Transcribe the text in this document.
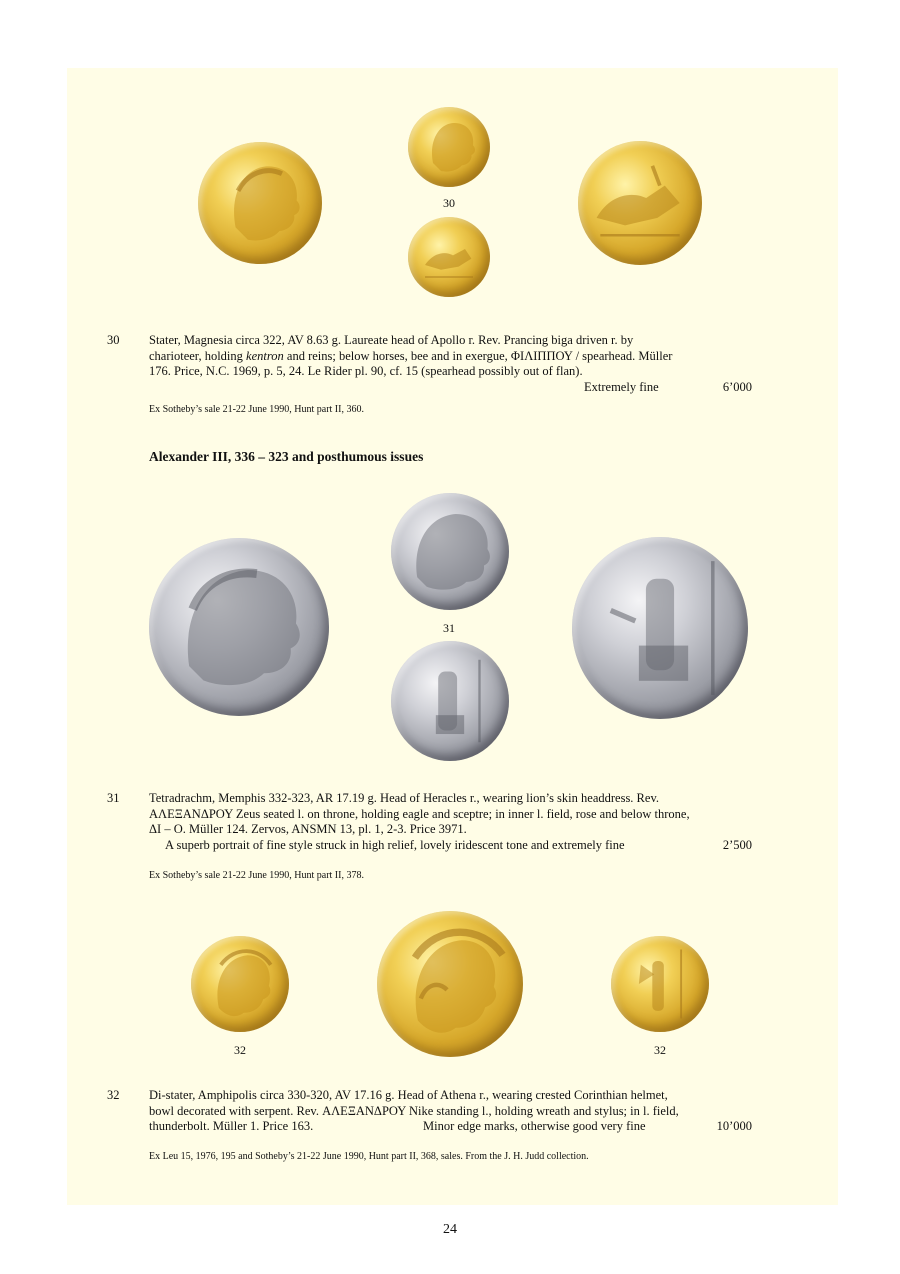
30
30 Stater, Magnesia circa 322, AV 8.63 g. Laureate head of Apollo r. Rev. Prancing biga driven r. by
charioteer, holding kentron and reins; below horses, bee and in exergue, ΦΙΛΙΠΠΟΥ / spearhead. Müller
176. Price, N.C. 1969, p. 5, 24. Le Rider pl. 90, cf. 15 (spearhead possibly out of flan).
Extremely fine	6’000
Ex Sotheby’s sale 21-22 June 1990, Hunt part II, 360.
Alexander III, 336 – 323 and posthumous issues
31
31 Tetradrachm, Memphis 332-323, AR 17.19 g. Head of Heracles r., wearing lion’s skin headdress. Rev.
ΑΛΕΞΑΝΔΡΟΥ Zeus seated l. on throne, holding eagle and sceptre; in inner l. field, rose and below throne,
ΔΙ – Ο. Müller 124. Zervos, ANSMN 13, pl. 1, 2-3. Price 3971.
A superb portrait of fine style struck in high relief, lovely iridescent tone and extremely fine	2’500
Ex Sotheby’s sale 21-22 June 1990, Hunt part II, 378.
32	32
32 Di-stater, Amphipolis circa 330-320, AV 17.16 g. Head of Athena r., wearing crested Corinthian helmet,
bowl decorated with serpent. Rev. ΑΛΕΞΑΝΔΡΟΥ Nike standing l., holding wreath and stylus; in l. field,
thunderbolt. Müller 1. Price 163.	Minor edge marks, otherwise good very fine	10’000
Ex Leu 15, 1976, 195 and Sotheby’s 21-22 June 1990, Hunt part II, 368, sales. From the J. H. Judd collection.
24
